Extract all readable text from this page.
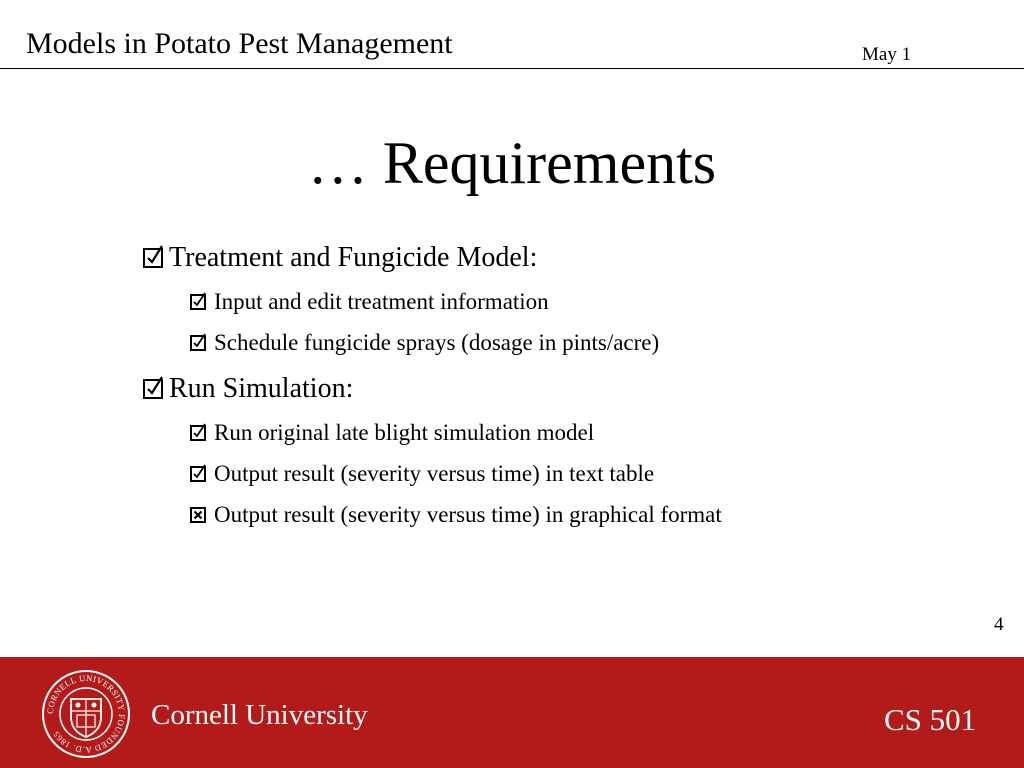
Models in Potato Pest Management	May 1
… Requirements
Treatment and Fungicide Model:
Input and edit treatment information
Schedule fungicide sprays (dosage in pints/acre)
Run Simulation:
Run original late blight simulation model
Output result (severity versus time) in text table
Output result (severity versus time) in graphical format
4
CORNELL UNIVERSITY FOUNDED A.D. 1865
Cornell University	CS 501
